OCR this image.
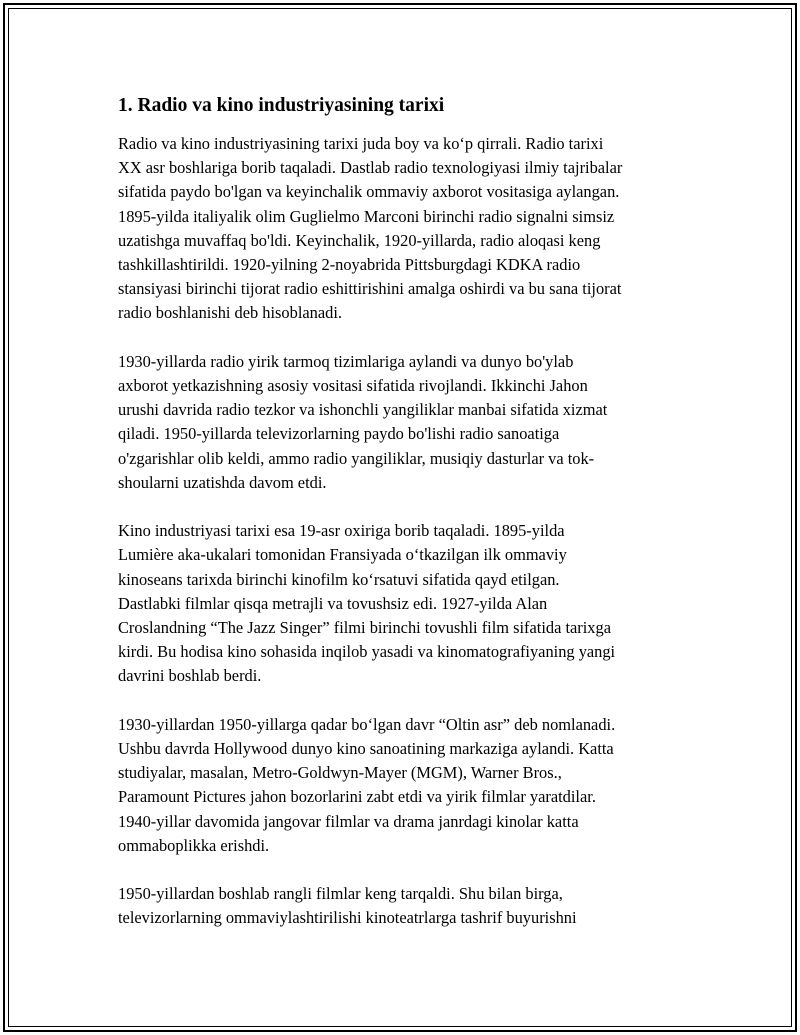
1. Radio va kino industriyasining tarixi

Radio va kino industriyasining tarixi juda boy va koʻp qirrali. Radio tarixi
XX asr boshlariga borib taqaladi. Dastlab radio texnologiyasi ilmiy tajribalar
sifatida paydo bo'lgan va keyinchalik ommaviy axborot vositasiga aylangan.
1895-yilda italiyalik olim Guglielmo Marconi birinchi radio signalni simsiz
uzatishga muvaffaq bo'ldi. Keyinchalik, 1920-yillarda, radio aloqasi keng
tashkillashtirildi. 1920-yilning 2-noyabrida Pittsburgdagi KDKA radio
stansiyasi birinchi tijorat radio eshittirishini amalga oshirdi va bu sana tijorat
radio boshlanishi deb hisoblanadi.

1930-yillarda radio yirik tarmoq tizimlariga aylandi va dunyo bo'ylab
axborot yetkazishning asosiy vositasi sifatida rivojlandi. Ikkinchi Jahon
urushi davrida radio tezkor va ishonchli yangiliklar manbai sifatida xizmat
qiladi. 1950-yillarda televizorlarning paydo bo'lishi radio sanoatiga
o'zgarishlar olib keldi, ammo radio yangiliklar, musiqiy dasturlar va tok-
shoularni uzatishda davom etdi.

Kino industriyasi tarixi esa 19-asr oxiriga borib taqaladi. 1895-yilda
Lumière aka-ukalari tomonidan Fransiyada oʻtkazilgan ilk ommaviy
kinoseans tarixda birinchi kinofilm koʻrsatuvi sifatida qayd etilgan.
Dastlabki filmlar qisqa metrajli va tovushsiz edi. 1927-yilda Alan
Croslandning “The Jazz Singer” filmi birinchi tovushli film sifatida tarixga
kirdi. Bu hodisa kino sohasida inqilob yasadi va kinomatografiyaning yangi
davrini boshlab berdi.

1930-yillardan 1950-yillarga qadar boʻlgan davr “Oltin asr” deb nomlanadi.
Ushbu davrda Hollywood dunyo kino sanoatining markaziga aylandi. Katta
studiyalar, masalan, Metro-Goldwyn-Mayer (MGM), Warner Bros.,
Paramount Pictures jahon bozorlarini zabt etdi va yirik filmlar yaratdilar.
1940-yillar davomida jangovar filmlar va drama janrdagi kinolar katta
ommaboplikka erishdi.

1950-yillardan boshlab rangli filmlar keng tarqaldi. Shu bilan birga,
televizorlarning ommaviylashtirilishi kinoteatrlarga tashrif buyurishni
